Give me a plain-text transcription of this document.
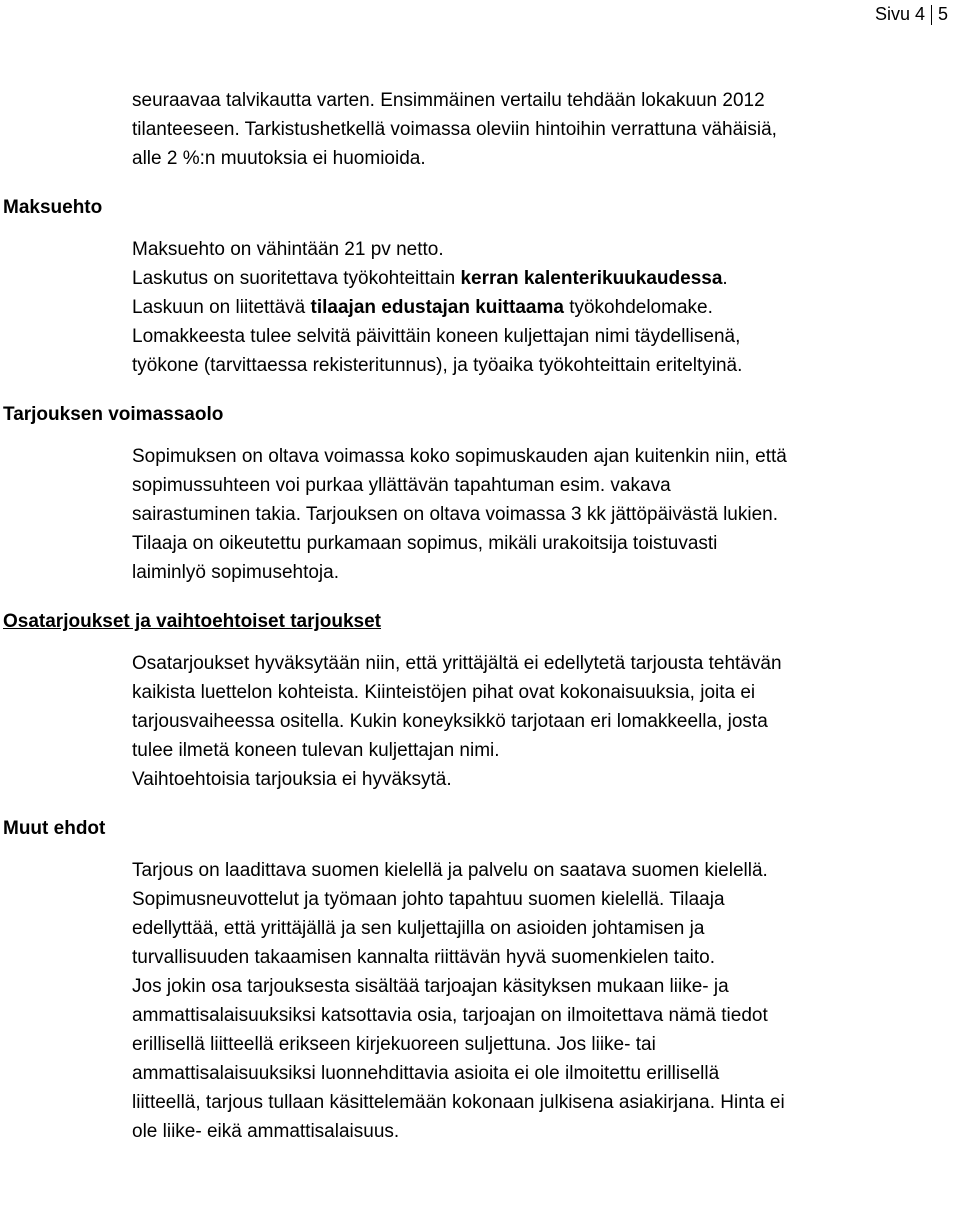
Sivu 4 5
seuraavaa talvikautta varten. Ensimmäinen vertailu tehdään lokakuun 2012
tilanteeseen. Tarkistushetkellä voimassa oleviin hintoihin verrattuna vähäisiä,
alle 2 %:n muutoksia ei huomioida.
Maksuehto
Maksuehto on vähintään 21 pv netto.
Laskutus on suoritettava työkohteittain kerran kalenterikuukaudessa.
Laskuun on liitettävä tilaajan edustajan kuittaama työkohdelomake.
Lomakkeesta tulee selvitä päivittäin koneen kuljettajan nimi täydellisenä,
työkone (tarvittaessa rekisteritunnus), ja työaika työkohteittain eriteltyinä.
Tarjouksen voimassaolo
Sopimuksen on oltava voimassa koko sopimuskauden ajan kuitenkin niin, että
sopimussuhteen voi purkaa yllättävän tapahtuman esim. vakava
sairastuminen takia. Tarjouksen on oltava voimassa 3 kk jättöpäivästä lukien.
Tilaaja on oikeutettu purkamaan sopimus, mikäli urakoitsija toistuvasti
laiminlyö sopimusehtoja.
Osatarjoukset ja vaihtoehtoiset tarjoukset
Osatarjoukset hyväksytään niin, että yrittäjältä ei edellytetä tarjousta tehtävän
kaikista luettelon kohteista. Kiinteistöjen pihat ovat kokonaisuuksia, joita ei
tarjousvaiheessa ositella. Kukin koneyksikkö tarjotaan eri lomakkeella, josta
tulee ilmetä koneen tulevan kuljettajan nimi.
Vaihtoehtoisia tarjouksia ei hyväksytä.
Muut ehdot
Tarjous on laadittava suomen kielellä ja palvelu on saatava suomen kielellä.
Sopimusneuvottelut ja työmaan johto tapahtuu suomen kielellä. Tilaaja
edellyttää, että yrittäjällä ja sen kuljettajilla on asioiden johtamisen ja
turvallisuuden takaamisen kannalta riittävän hyvä suomenkielen taito.
Jos jokin osa tarjouksesta sisältää tarjoajan käsityksen mukaan liike- ja
ammattisalaisuuksiksi katsottavia osia, tarjoajan on ilmoitettava nämä tiedot
erillisellä liitteellä erikseen kirjekuoreen suljettuna. Jos liike- tai
ammattisalaisuuksiksi luonnehdittavia asioita ei ole ilmoitettu erillisellä
liitteellä, tarjous tullaan käsittelemään kokonaan julkisena asiakirjana. Hinta ei
ole liike- eikä ammattisalaisuus.
